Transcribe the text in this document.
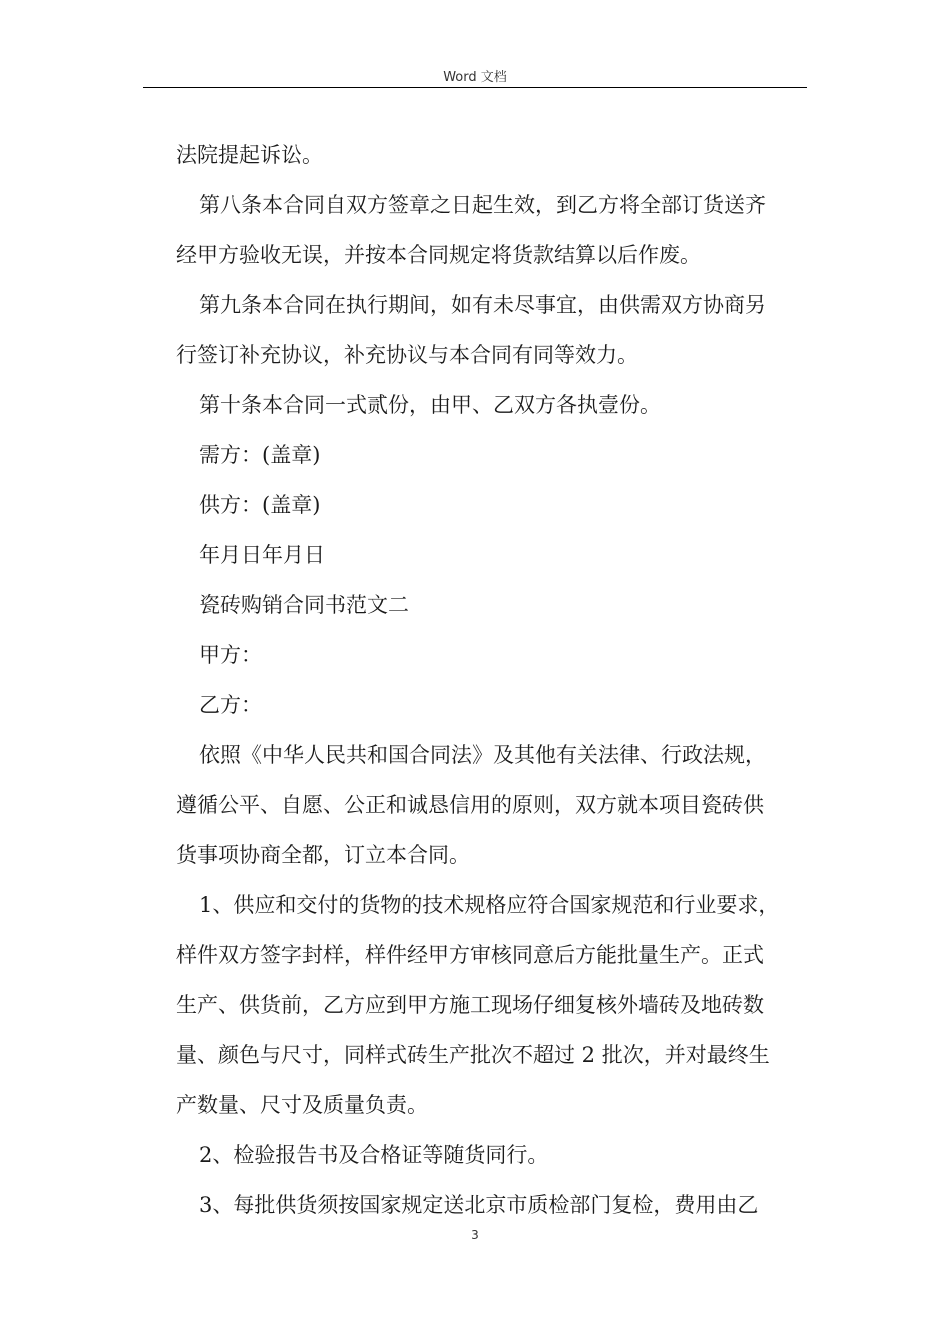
Word 文档
法院提起诉讼。
第八条本合同自双方签章之日起生效，到乙方将全部订货送齐
经甲方验收无误，并按本合同规定将货款结算以后作废。
第九条本合同在执行期间，如有未尽事宜，由供需双方协商另
行签订补充协议，补充协议与本合同有同等效力。
第十条本合同一式贰份，由甲、乙双方各执壹份。
需方：(盖章)
供方：(盖章)
年月日年月日
瓷砖购销合同书范文二
甲方：
乙方：
依照《中华人民共和国合同法》及其他有关法律、行政法规，
遵循公平、自愿、公正和诚恳信用的原则，双方就本项目瓷砖供
货事项协商全都，订立本合同。
1、供应和交付的货物的技术规格应符合国家规范和行业要求，
样件双方签字封样，样件经甲方审核同意后方能批量生产。正式
生产、供货前，乙方应到甲方施工现场仔细复核外墙砖及地砖数
量、颜色与尺寸，同样式砖生产批次不超过 2 批次，并对最终生
产数量、尺寸及质量负责。
2、检验报告书及合格证等随货同行。
3、每批供货须按国家规定送北京市质检部门复检，费用由乙
3
